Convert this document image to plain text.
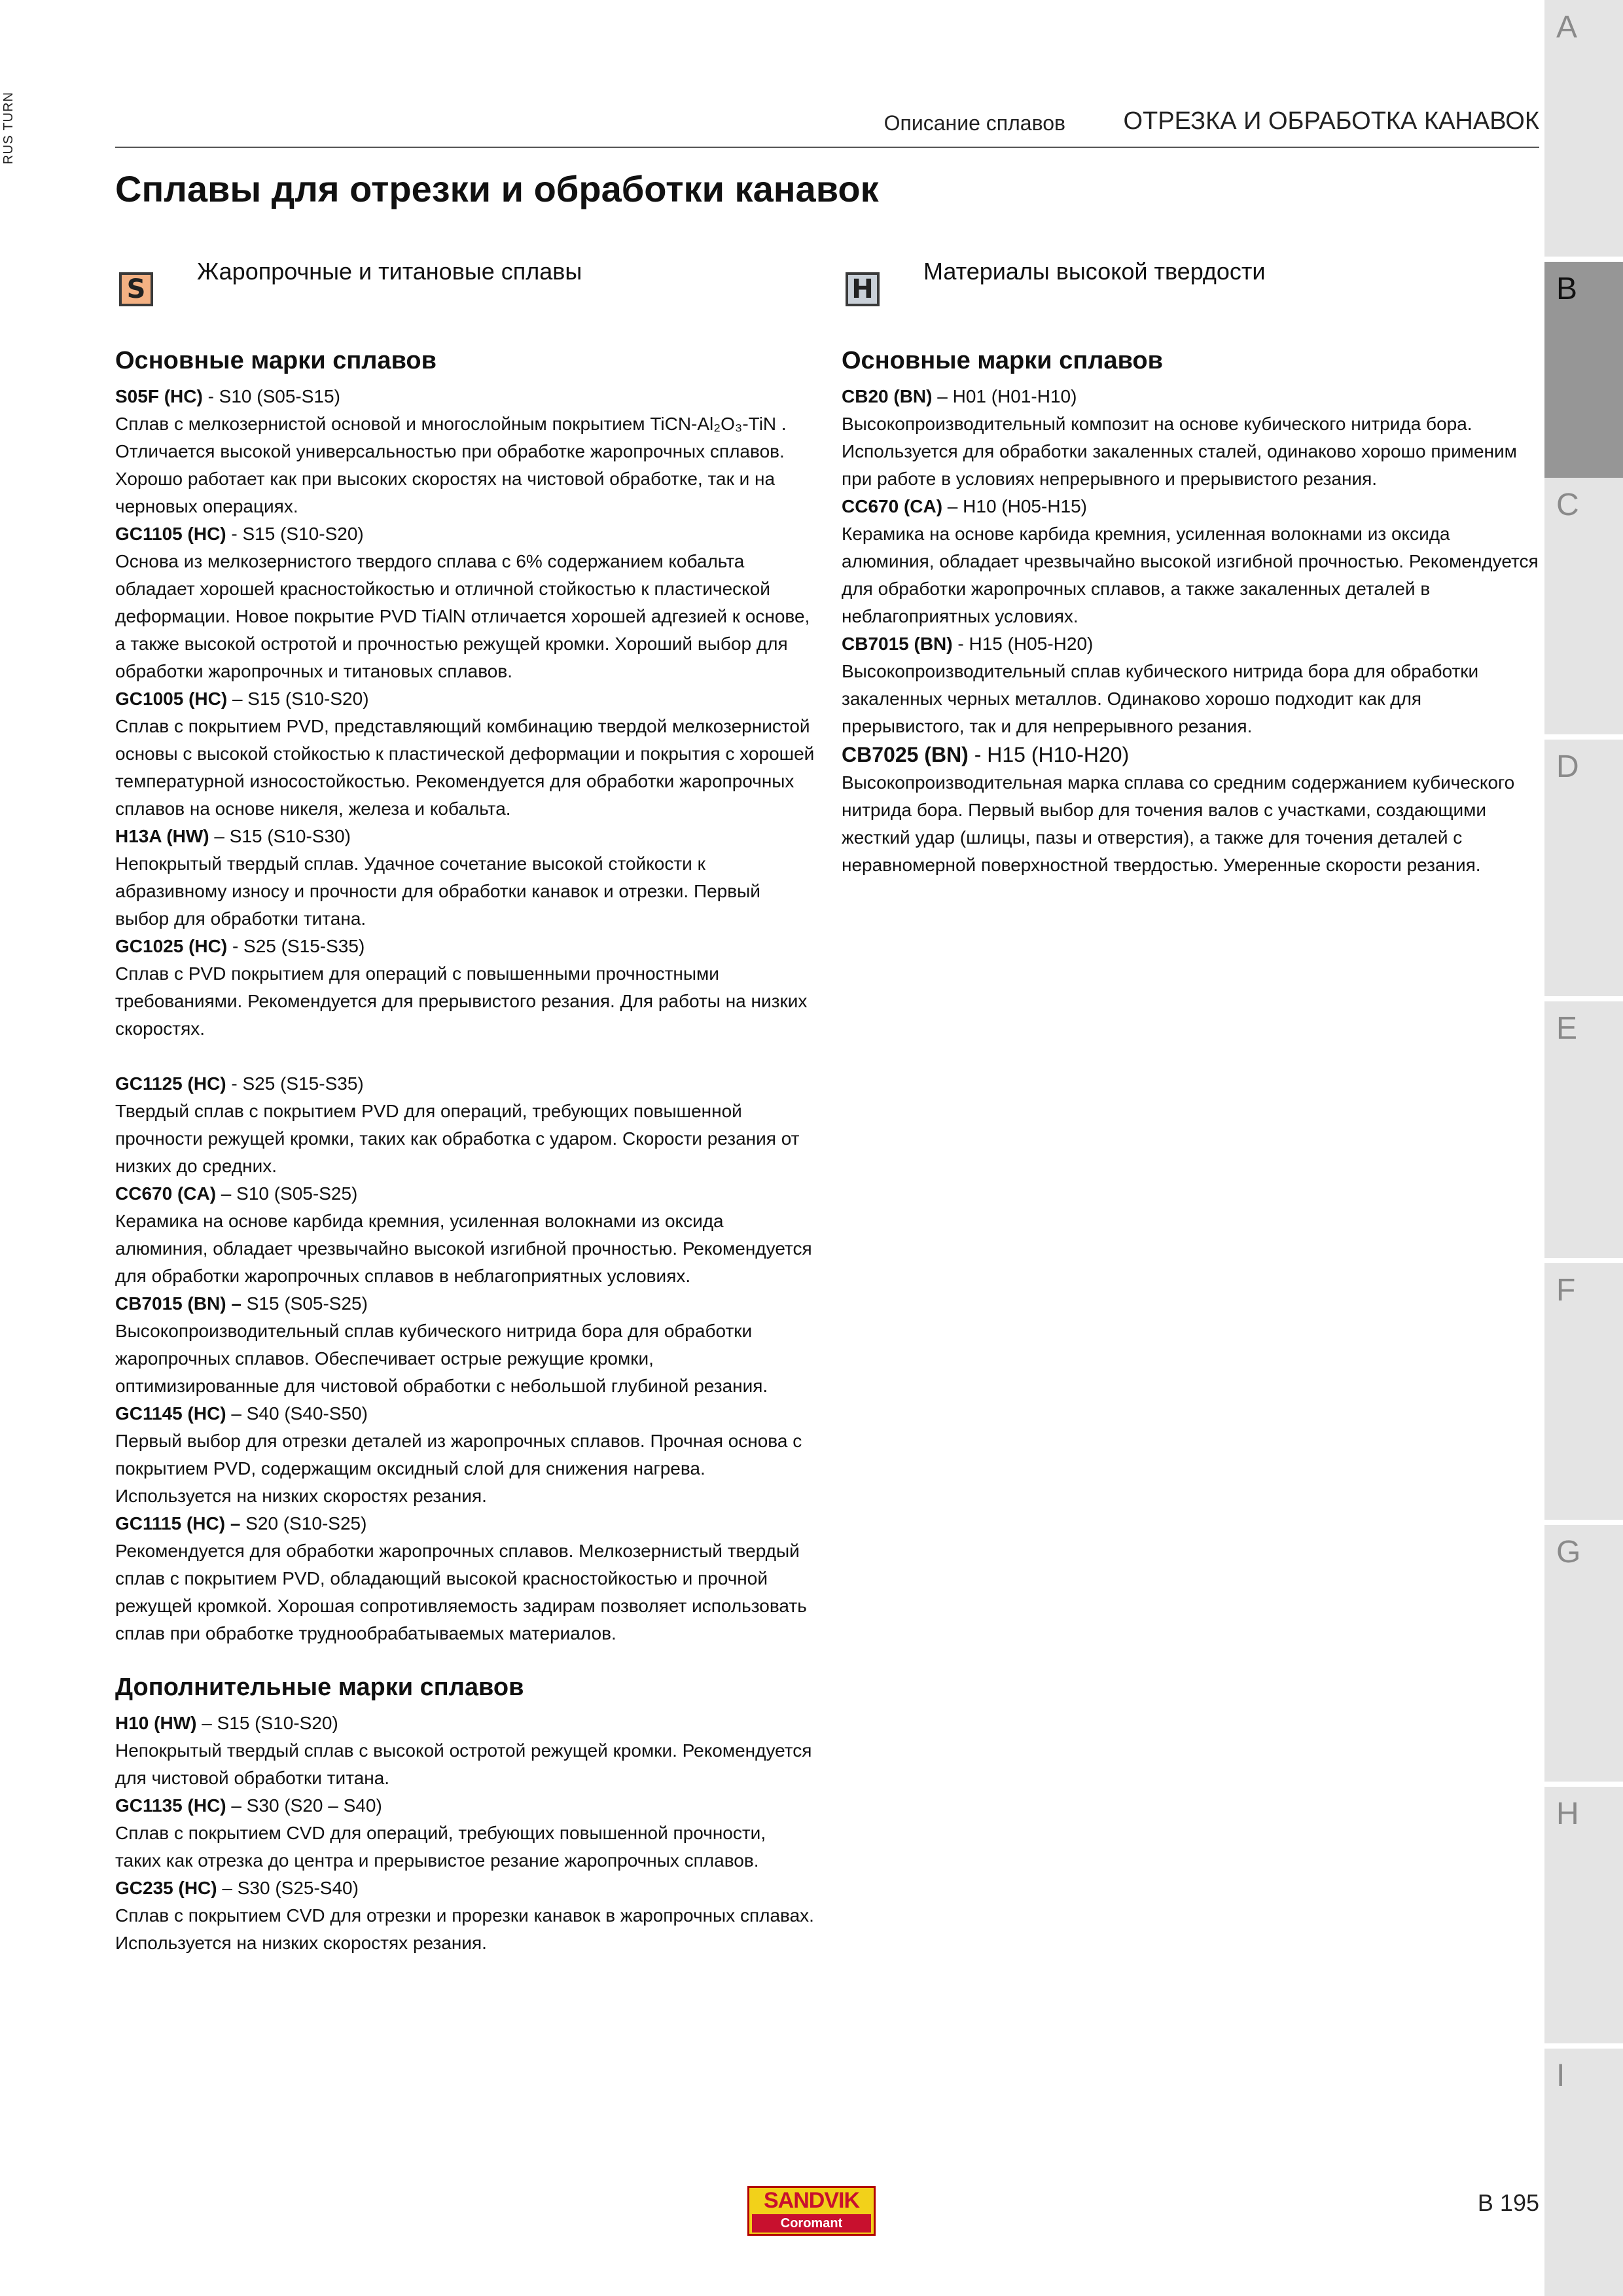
RUS TURN	Описание сплавов ОТРЕЗКА И ОБРАБОТКА КАНАВОК
Сплавы для отрезки и обработки канавок
S
Жаропрочные и титановые сплавы
Основные марки сплавов
S05F (HC) - S10 (S05-S15)
Сплав с мелкозернистой основой и многослойным покрытием TiCN-Al₂O₃-TiN . Отличается высокой универсальностью при обработке жаропрочных сплавов. Хорошо работает как при высоких скоростях на чистовой обработке, так и на черновых операциях.
GC1105 (HC) - S15 (S10-S20)
Основа из мелкозернистого твердого сплава с 6% содержанием кобальта обладает хорошей красностойкостью и отличной стойкостью к пластической деформации. Новое покрытие PVD TiAlN отличается хорошей адгезией к основе, а также высокой остротой и прочностью режущей кромки. Хороший выбор для обработки жаропрочных и титановых сплавов.
GC1005 (HC) – S15 (S10-S20)
Сплав с покрытием PVD, представляющий комбинацию твердой мелкозернистой основы с высокой стойкостью к пластической деформации и покрытия с хорошей температурной износостойкостью. Рекомендуется для обработки жаропрочных сплавов на основе никеля, железа и кобальта.
H13A (HW) – S15 (S10-S30)
Непокрытый твердый сплав. Удачное сочетание высокой стойкости к абразивному износу и прочности для обработки канавок и отрезки. Первый выбор для обработки титана.
GC1025 (HC) - S25 (S15-S35)
Сплав с PVD покрытием для операций с повышенными прочностными требованиями. Рекомендуется для прерывистого резания. Для работы на низких скоростях.
GC1125 (HC) - S25 (S15-S35)
Твердый сплав с покрытием PVD для операций, требующих повышенной прочности режущей кромки, таких как обработка с ударом. Скорости резания от низких до средних.
CC670 (CA) – S10 (S05-S25)
Керамика на основе карбида кремния, усиленная волокнами из оксида алюминия, обладает чрезвычайно высокой изгибной прочностью. Рекомендуется для обработки жаропрочных сплавов в неблагоприятных условиях.
CB7015 (BN) – S15 (S05-S25)
Высокопроизводительный сплав кубического нитрида бора для обработки жаропрочных сплавов. Обеспечивает острые режущие кромки, оптимизированные для чистовой обработки с небольшой глубиной резания.
GC1145 (HC) – S40 (S40-S50)
Первый выбор для отрезки деталей из жаропрочных сплавов. Прочная основа с покрытием PVD, содержащим оксидный слой для снижения нагрева. Используется на низких скоростях резания.
GC1115 (HC) – S20 (S10-S25)
Рекомендуется для обработки жаропрочных сплавов. Мелкозернистый твердый сплав с покрытием PVD, обладающий высокой красностойкостью и прочной режущей кромкой. Хорошая сопротивляемость задирам позволяет использовать сплав при обработке труднообрабатываемых материалов.
Дополнительные марки сплавов
H10 (HW) – S15 (S10-S20)
Непокрытый твердый сплав с высокой остротой режущей кромки. Рекомендуется для чистовой обработки титана.
GC1135 (HC) – S30 (S20 – S40)
Сплав с покрытием CVD для операций, требующих повышенной прочности, таких как отрезка до центра и прерывистое резание жаропрочных сплавов.
GC235 (HC) – S30 (S25-S40)
Сплав с покрытием CVD для отрезки и прорезки канавок в жаропрочных сплавах. Используется на низких скоростях резания.
H
Материалы высокой твердости
Основные марки сплавов
CB20 (BN) – H01 (H01-H10)
Высокопроизводительный композит на основе кубического нитрида бора. Используется для обработки закаленных сталей, одинаково хорошо применим при работе в условиях непрерывного и прерывистого резания.
CC670 (CA) – H10 (H05-H15)
Керамика на основе карбида кремния, усиленная волокнами из оксида алюминия, обладает чрезвычайно высокой изгибной прочностью. Рекомендуется для обработки жаропрочных сплавов, а также закаленных деталей в неблагоприятных условиях.
CB7015 (BN) - H15 (H05-H20)
Высокопроизводительный сплав кубического нитрида бора для обработки закаленных черных металлов. Одинаково хорошо подходит как для прерывистого, так и для непрерывного резания.
CB7025 (BN) - H15 (H10-H20)
Высокопроизводительная марка сплава со средним содержанием кубического нитрида бора. Первый выбор для точения валов с участками, создающими жесткий удар (шлицы, пазы и отверстия), а также для точения деталей с неравномерной поверхностной твердостью. Умеренные скорости резания.
A
B
C
D
E
F
G
H
I
SANDVIK
Coromant
B 195
